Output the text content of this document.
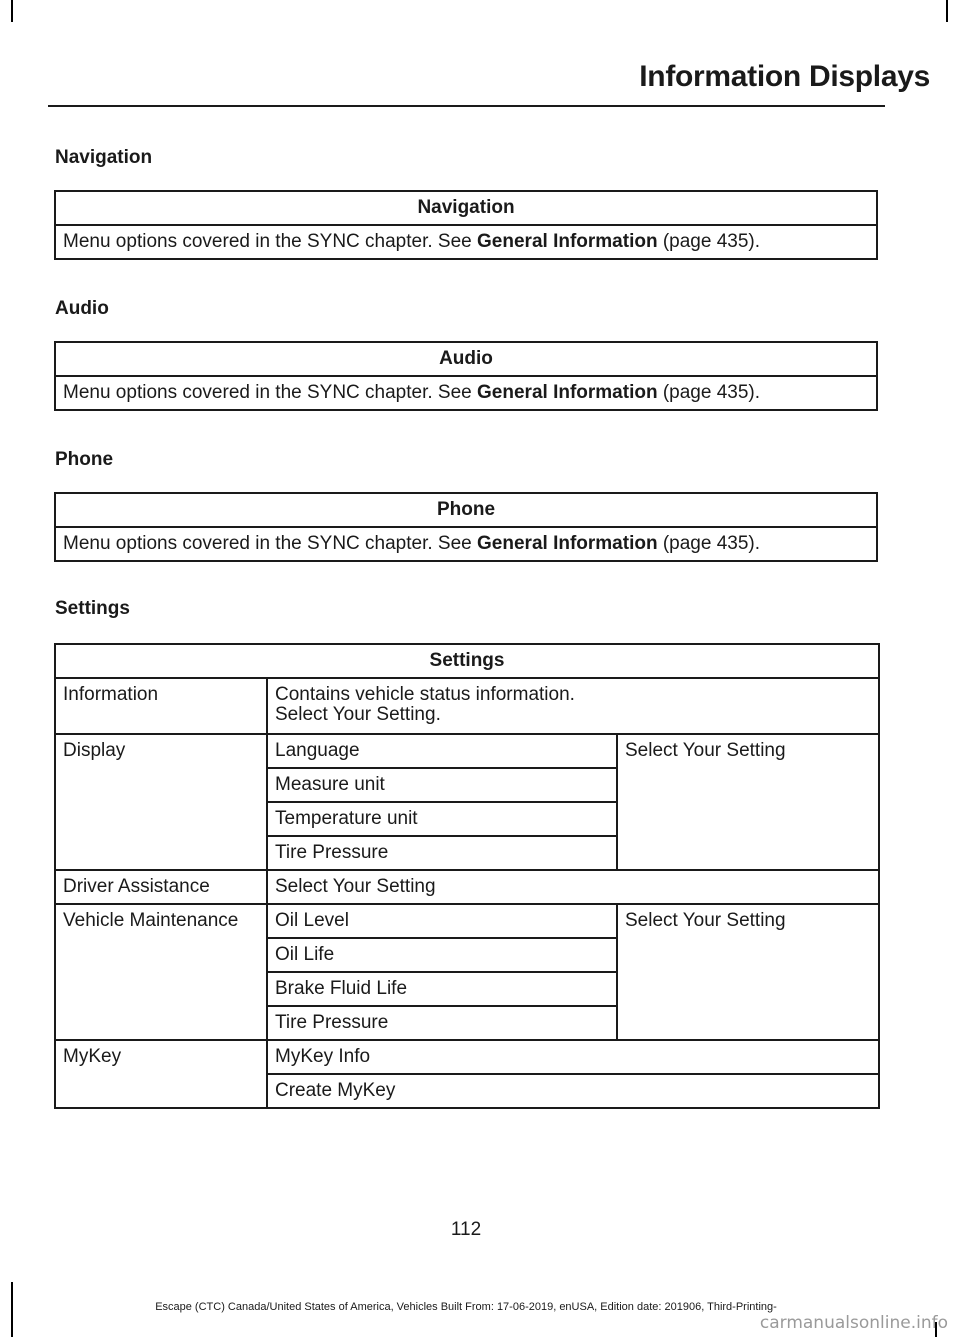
Information Displays
Navigation
Navigation
Menu options covered in the SYNC chapter. See General Information (page 435).
Audio
Audio
Menu options covered in the SYNC chapter. See General Information (page 435).
Phone
Phone
Menu options covered in the SYNC chapter. See General Information (page 435).
Settings
Settings		
Information	Contains vehicle status information.
Select Your Setting.	

Display	Language	Select Your Setting
	Measure unit	
	Temperature unit	
	Tire Pressure	
Driver Assistance	Select Your Setting	
Vehicle Maintenance	Oil Level	Select Your Setting
	Oil Life	
	Brake Fluid Life	
	Tire Pressure	
MyKey	MyKey Info	
	Create MyKey	
112
Escape (CTC) Canada/United States of America, Vehicles Built From: 17-06-2019, enUSA, Edition date: 201906, Third-Printing-
carmanualsonline.info
